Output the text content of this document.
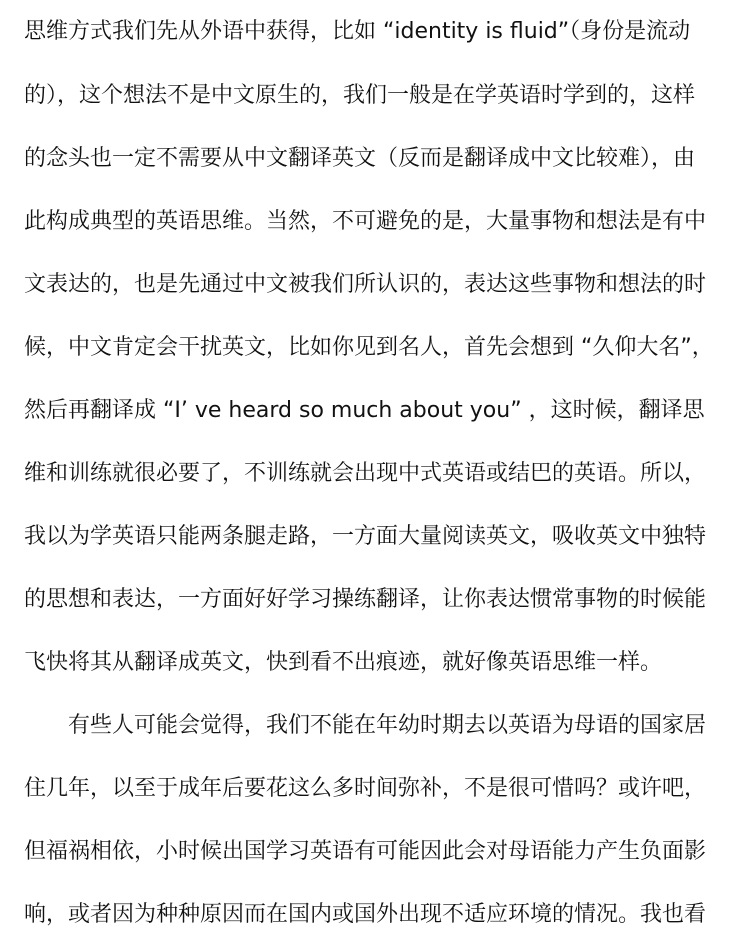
思维方式我们先从外语中获得，比如 “identity is fluid”（身份是流动
的），这个想法不是中文原生的，我们一般是在学英语时学到的，这样
的念头也一定不需要从中文翻译英文（反而是翻译成中文比较难），由
此构成典型的英语思维。当然，不可避免的是，大量事物和想法是有中
文表达的，也是先通过中文被我们所认识的，表达这些事物和想法的时
候，中文肯定会干扰英文，比如你见到名人，首先会想到 “久仰大名”，
然后再翻译成 “I’ ve heard so much about you” ，这时候，翻译思
维和训练就很必要了，不训练就会出现中式英语或结巴的英语。所以，
我以为学英语只能两条腿走路，一方面大量阅读英文，吸收英文中独特
的思想和表达，一方面好好学习操练翻译，让你表达惯常事物的时候能
飞快将其从翻译成英文，快到看不出痕迹，就好像英语思维一样。
有些人可能会觉得，我们不能在年幼时期去以英语为母语的国家居
住几年，以至于成年后要花这么多时间弥补，不是很可惜吗？或许吧，
但福祸相依，小时候出国学习英语有可能因此会对母语能力产生负面影
响，或者因为种种原因而在国内或国外出现不适应环境的情况。我也看
